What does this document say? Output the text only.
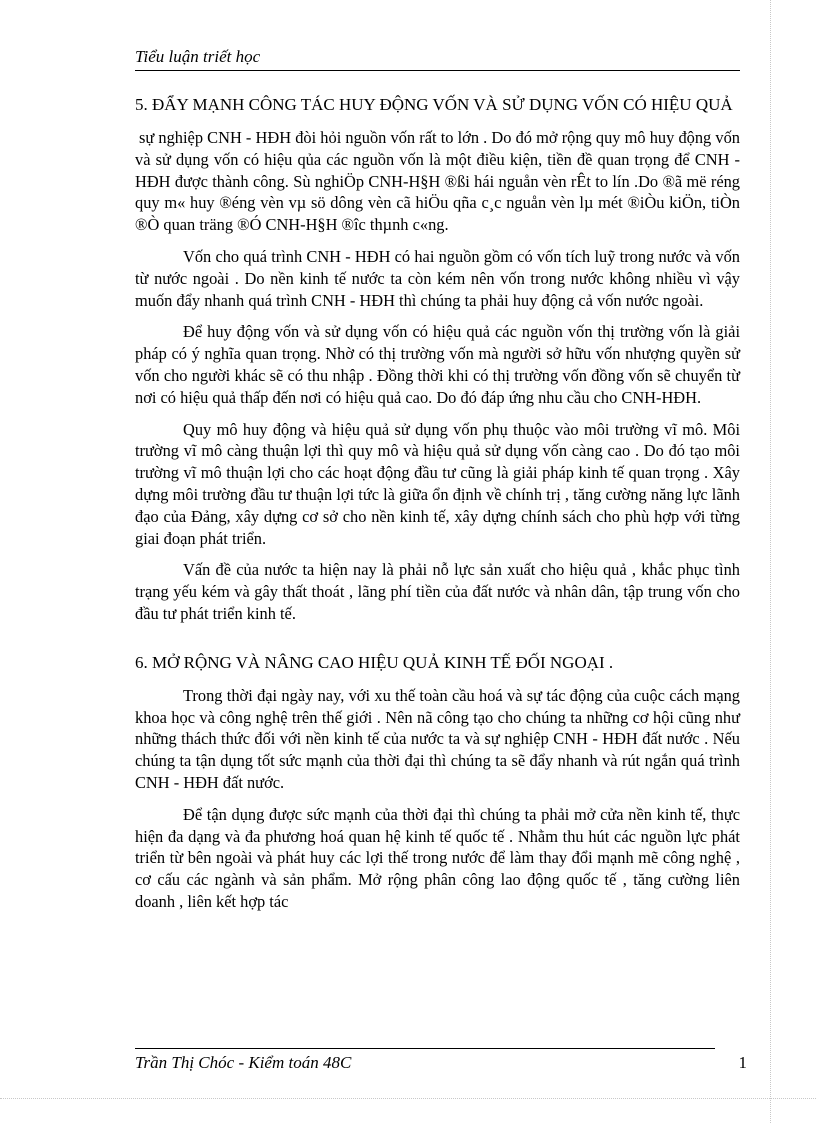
Tiểu luận triết học
5. ĐẨY MẠNH CÔNG TÁC HUY ĐỘNG VỐN VÀ SỬ DỤNG VỐN CÓ HIỆU QUẢ

sự nghiệp CNH - HĐH đòi hỏi nguồn vốn rất to lớn . Do đó mở rộng quy mô huy động vốn và sử dụng vốn có hiệu qủa các nguồn vốn là một điều kiện, tiền đề quan trọng để CNH - HĐH được thành công. Sù nghiÖp CNH-H§H ®ßi hái nguån vèn rÊt to lín .Do ®ã më réng quy m« huy ®éng vèn vµ sö dông vèn cã hiÖu qña c¸c nguån vèn lµ mét ®iÒu kiÖn, tiÒn ®Ò quan träng ®Ó CNH-H§H ®îc thµnh c«ng.

Vốn cho quá trình CNH - HĐH có hai nguồn gồm có vốn tích luỹ trong nước và vốn từ nước ngoài . Do nền kinh tế nước ta còn kém nên vốn trong nước không nhiều vì vậy muốn đẩy nhanh quá trình CNH - HĐH thì chúng ta phải huy động cả vốn nước ngoài.

Để huy động vốn và sử dụng vốn có hiệu quả các nguồn vốn thị trường vốn là giải pháp có ý nghĩa quan trọng. Nhờ có thị trường vốn mà người sở hữu vốn nhượng quyền sử vốn cho người khác sẽ có thu nhập . Đồng thời khi có thị trường vốn đồng vốn sẽ chuyển từ nơi có hiệu quả thấp đến nơi có hiệu quả cao. Do đó đáp ứng nhu cầu cho CNH-HĐH.

Quy mô huy động và hiệu quả sử dụng vốn phụ thuộc vào môi trường vĩ mô. Môi trường vĩ mô càng thuận lợi thì quy mô và hiệu quả sử dụng vốn càng cao . Do đó tạo môi trường vĩ mô thuận lợi cho các hoạt động đầu tư cũng là giải pháp kinh tế quan trọng . Xây dựng môi trường đầu tư thuận lợi tức là giữa ổn định về chính trị , tăng cường năng lực lãnh đạo của Đảng, xây dựng cơ sở cho nền kinh tế, xây dựng chính sách cho phù hợp với từng giai đoạn phát triển.

Vấn đề của nước ta hiện nay là phải nỗ lực sản xuất cho hiệu quả , khắc phục tình trạng yếu kém và gây thất thoát , lãng phí tiền của đất nước và nhân dân, tập trung vốn cho đầu tư phát triển kinh tế.

6. MỞ RỘNG VÀ NÂNG CAO HIỆU QUẢ KINH TẾ ĐỐI NGOẠI .

Trong thời đại ngày nay, với xu thế toàn cầu hoá và sự tác động của cuộc cách mạng khoa học và công nghệ trên thế giới . Nên nã công tạo cho chúng ta những cơ hội cũng như những thách thức đối với nền kinh tế của nước ta và sự nghiệp CNH - HĐH đất nước . Nếu chúng ta tận dụng tốt sức mạnh của thời đại thì chúng ta sẽ đẩy nhanh và rút ngắn quá trình CNH - HĐH đất nước.

Để tận dụng được sức mạnh của thời đại thì chúng ta phải mở cửa nền kinh tế, thực hiện đa dạng và đa phương hoá quan hệ kinh tế quốc tế . Nhằm thu hút các nguồn lực phát triển từ bên ngoài và phát huy các lợi thế trong nước để làm thay đổi mạnh mẽ công nghệ , cơ cấu các ngành và sản phẩm. Mở rộng phân công lao động quốc tế , tăng cường liên doanh , liên kết hợp tác

Trần Thị Chóc - Kiểm toán 48C	1
